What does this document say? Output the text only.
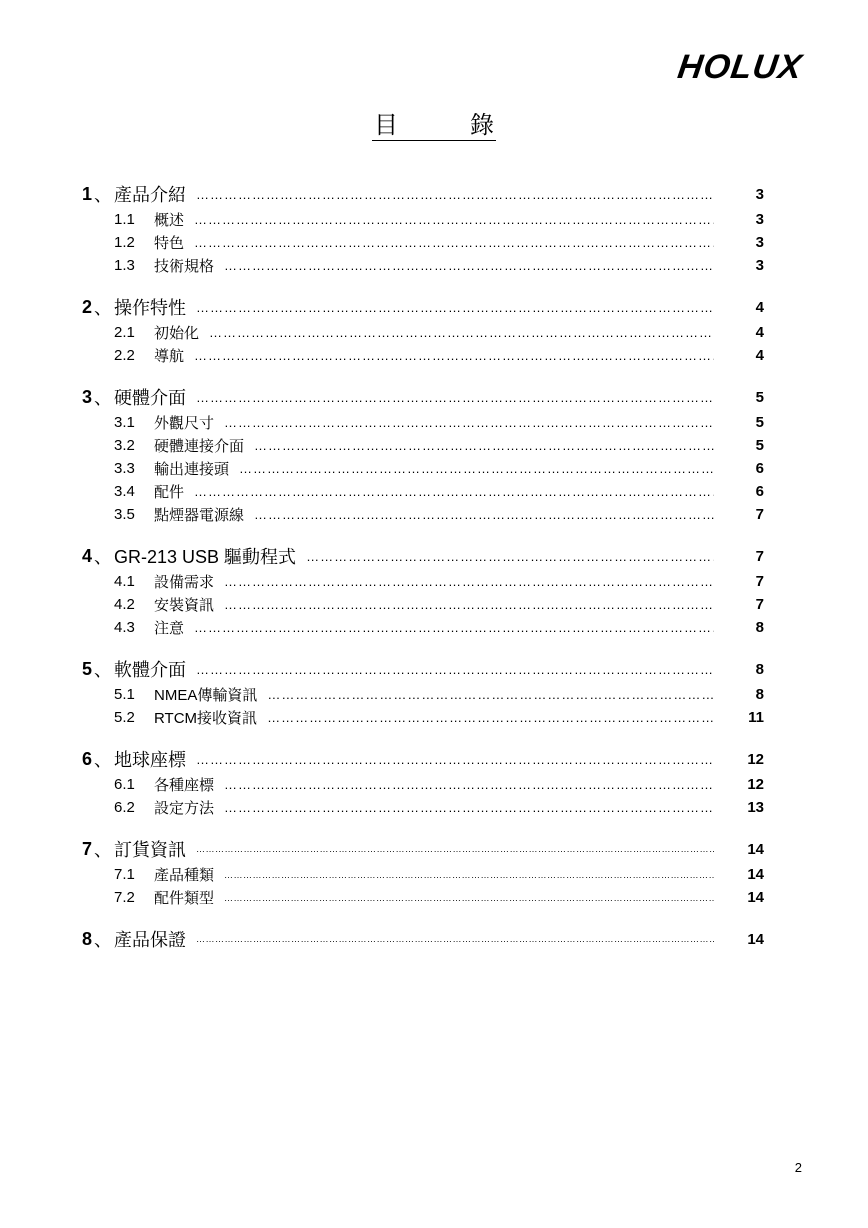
HOLUX
目　　　錄
1 、 產品介紹 …………………………………………………………………………………………………………………………………………………………………………………………	3
1.1	概述 …………………………………………………………………………………………………………………………………………………………………………………………	3
1.2	特色 …………………………………………………………………………………………………………………………………………………………………………………………	3
1.3	技術規格 …………………………………………………………………………………………………………………………………………………………………………………………	3
2 、 操作特性 …………………………………………………………………………………………………………………………………………………………………………………………	4
2.1	初始化 …………………………………………………………………………………………………………………………………………………………………………………………	4
2.2	導航 …………………………………………………………………………………………………………………………………………………………………………………………	4
3 、 硬體介面 …………………………………………………………………………………………………………………………………………………………………………………………	5
3.1	外觀尺寸 …………………………………………………………………………………………………………………………………………………………………………………………	5
3.2	硬體連接介面 …………………………………………………………………………………………………………………………………………………………………………………………	5
3.3	輸出連接頭 …………………………………………………………………………………………………………………………………………………………………………………………	6
3.4	配件 …………………………………………………………………………………………………………………………………………………………………………………………	6
3.5	點煙器電源線 …………………………………………………………………………………………………………………………………………………………………………………………	7
4 、 GR-213 USB 驅動程式 …………………………………………………………………………………………………………………………………………………………………………………………	7
4.1	設備需求 …………………………………………………………………………………………………………………………………………………………………………………………	7
4.2	安裝資訊 …………………………………………………………………………………………………………………………………………………………………………………………	7
4.3	注意 …………………………………………………………………………………………………………………………………………………………………………………………	8
5 、 軟體介面 …………………………………………………………………………………………………………………………………………………………………………………………	8
5.1	NMEA傳輸資訊 …………………………………………………………………………………………………………………………………………………………………………………………	8
5.2	RTCM接收資訊 …………………………………………………………………………………………………………………………………………………………………………………………	11
6 、 地球座標 …………………………………………………………………………………………………………………………………………………………………………………………	12
6.1	各種座標 …………………………………………………………………………………………………………………………………………………………………………………………	12
6.2	設定方法 …………………………………………………………………………………………………………………………………………………………………………………………	13
7 、 訂貨資訊 …………………………………………………………………………………………………………………………………………………………………………………………	14
7.1	產品種類 …………………………………………………………………………………………………………………………………………………………………………………………	14
7.2	配件類型 …………………………………………………………………………………………………………………………………………………………………………………………	14
8 、 產品保證 …………………………………………………………………………………………………………………………………………………………………………………………	14
2
